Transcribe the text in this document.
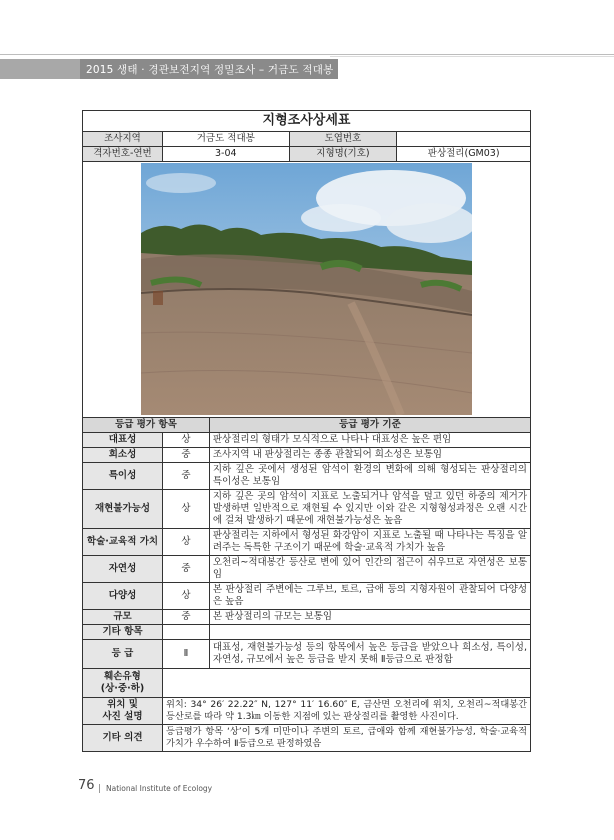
2015 생태 · 경관보전지역 정밀조사 – 거금도 적대봉
지형조사상세표				
조사지역	거금도 적대봉		도엽번호	
격자번호-연번	3-04		지형명(기호)	판상절리(GM03)

등급 평가 항목		등급 평가 기준		
대표성	상	판상절리의 형태가 모식적으로 나타나 대표성은 높은 편임		
희소성	중	조사지역 내 판상절리는 종종 관찰되어 희소성은 보통임		
특이성	중	지하 깊은 곳에서 생성된 암석이 환경의 변화에 의해 형성되는 판상절리의 특이성은 보통임		
재현불가능성	상	지하 깊은 곳의 암석이 지표로 노출되거나 암석을 덮고 있던 하중의 제거가 발생하면 일반적으로 재현될 수 있지만 이와 같은 지형형성과정은 오랜 시간에 걸쳐 발생하기 때문에 재현불가능성은 높음		
학술·교육적 가치	상	판상절리는 지하에서 형성된 화강암이 지표로 노출될 때 나타나는 특징을 알려주는 독특한 구조이기 때문에 학술·교육적 가치가 높음		
자연성	중	오천리~적대봉간 등산로 변에 있어 인간의 접근이 쉬우므로 자연성은 보통임		
다양성	상	본 판상절리 주변에는 그루브, 토르, 급애 등의 지형자원이 관찰되어 다양성은 높음		
규모	중	본 판상절리의 규모는 보통임		
기타 항목				
등 급	Ⅱ	대표성, 재현불가능성 등의 항목에서 높은 등급을 받았으나 희소성, 특이성, 자연성, 규모에서 높은 등급을 받지 못해 Ⅱ등급으로 판정함		
훼손유형
(상·중·하)				
위치 및
사진 설명	위치: 34° 26′ 22.22″ N, 127° 11′ 16.60″ E, 금산면 오천리에 위치, 오천리~적대봉간 등산로를 따라 약 1.3㎞ 이동한 지점에 있는 판상절리를 촬영한 사진이다.			
기타 의견	등급평가 항목 ‘상’이 5개 미만이나 주변의 토르, 급애와 함께 재현불가능성, 학술·교육적 가치가 우수하여 Ⅱ등급으로 판정하였음			
76 National Institute of Ecology
